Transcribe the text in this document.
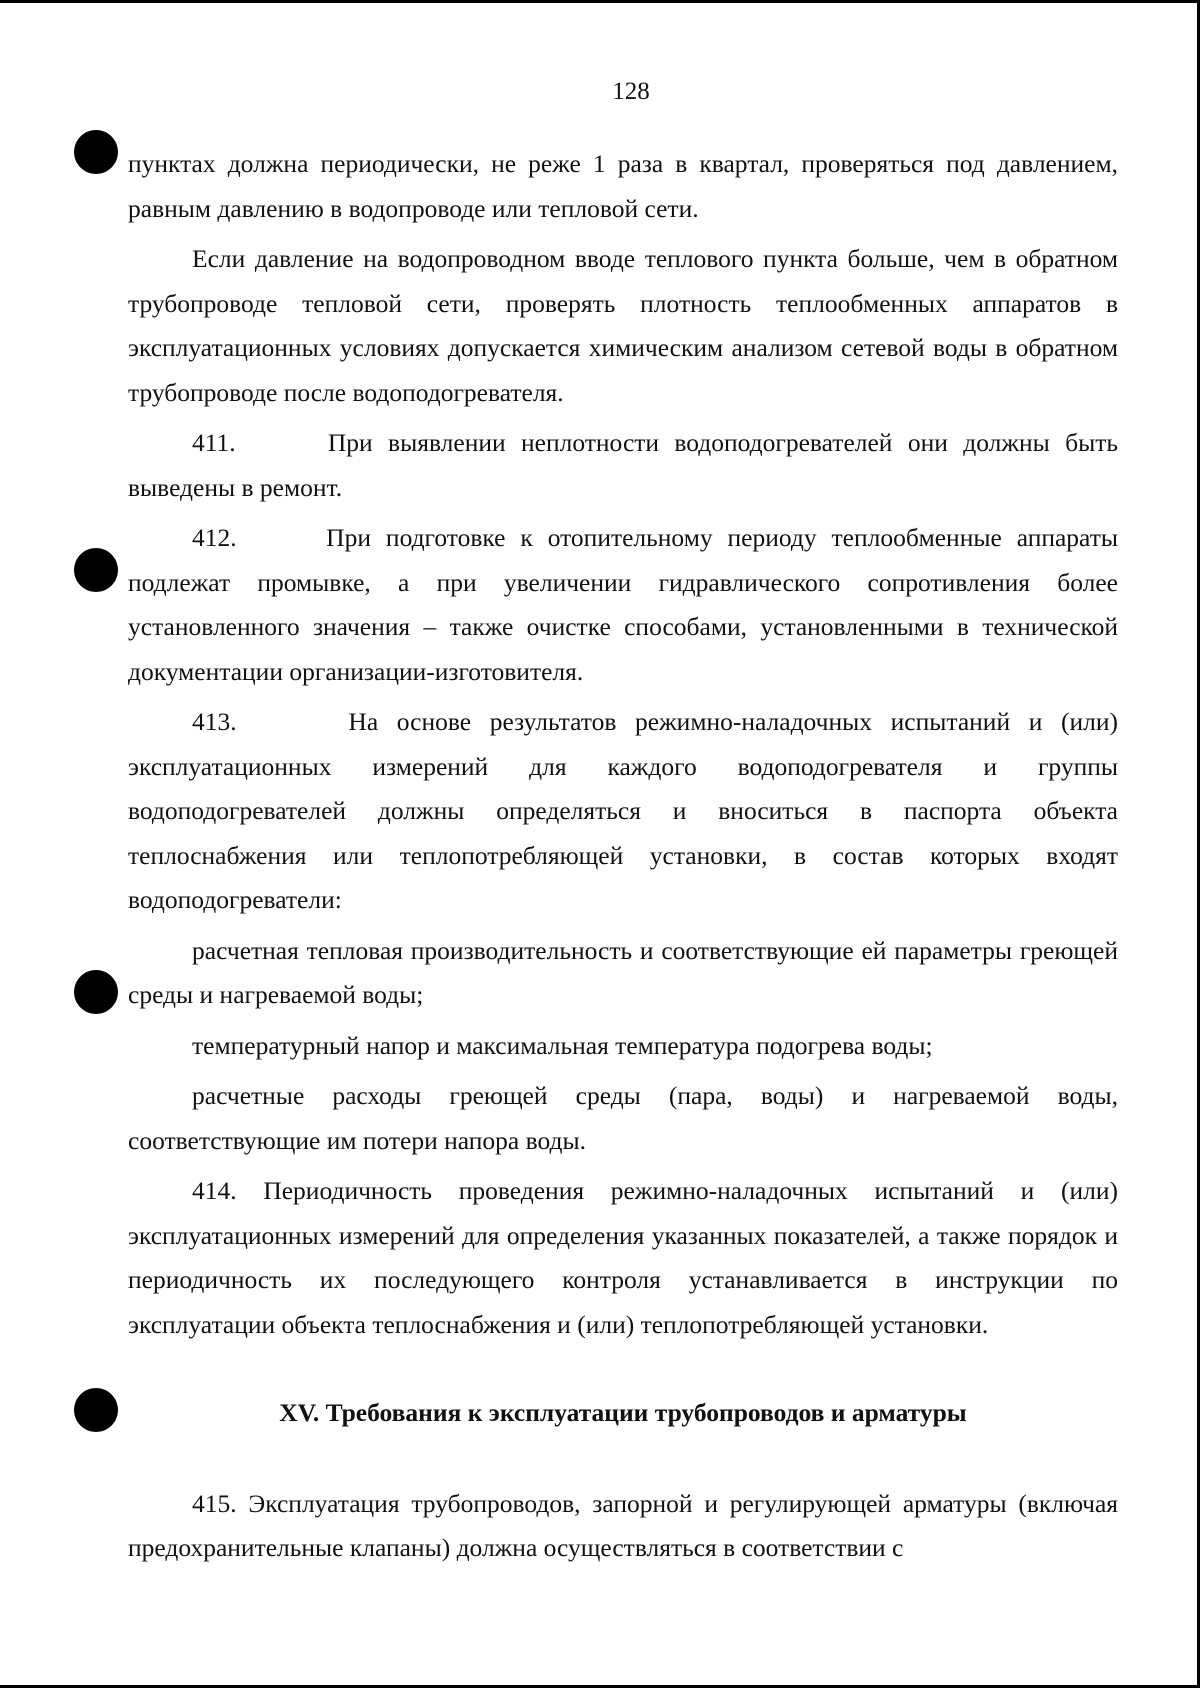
128

пунктах должна периодически, не реже 1 раза в квартал, проверяться под давлением, равным давлению в водопроводе или тепловой сети.

Если давление на водопроводном вводе теплового пункта больше, чем в обратном трубопроводе тепловой сети, проверять плотность теплообменных аппаратов в эксплуатационных условиях допускается химическим анализом сетевой воды в обратном трубопроводе после водоподогревателя.

411.      При выявлении неплотности водоподогревателей они должны быть выведены в ремонт.

412.      При подготовке к отопительному периоду теплообменные аппараты подлежат промывке, а при увеличении гидравлического сопротивления более установленного значения – также очистке способами, установленными в технической документации организации-изготовителя.

413.      На основе результатов режимно-наладочных испытаний и (или) эксплуатационных измерений для каждого водоподогревателя и группы водоподогревателей должны определяться и вноситься в паспорта объекта теплоснабжения или теплопотребляющей установки, в состав которых входят водоподогреватели:

расчетная тепловая производительность и соответствующие ей параметры греющей среды и нагреваемой воды;

температурный напор и максимальная температура подогрева воды;

расчетные расходы греющей среды (пара, воды) и нагреваемой воды, соответствующие им потери напора воды.

414. Периодичность проведения режимно-наладочных испытаний и (или) эксплуатационных измерений для определения указанных показателей, а также порядок и периодичность их последующего контроля устанавливается в инструкции по эксплуатации объекта теплоснабжения и (или) теплопотребляющей установки.

XV. Требования к эксплуатации трубопроводов и арматуры

415. Эксплуатация трубопроводов, запорной и регулирующей арматуры (включая предохранительные клапаны) должна осуществляться в соответствии с
